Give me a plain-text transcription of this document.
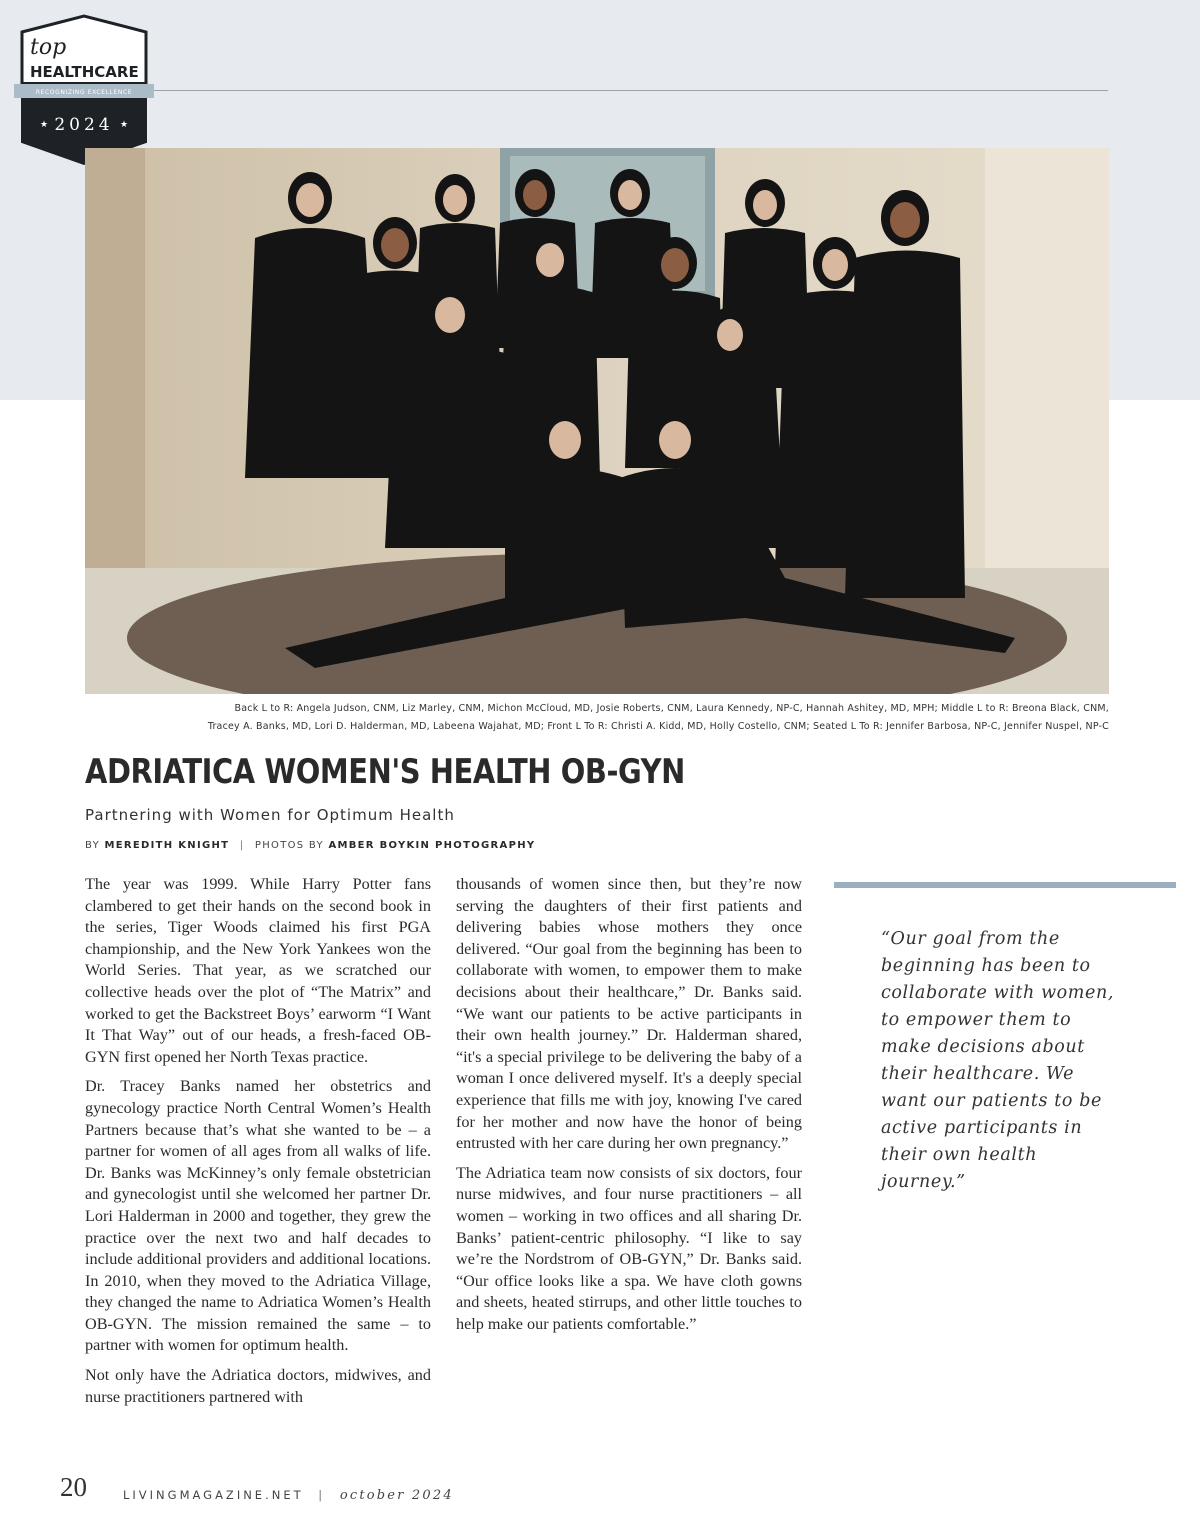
top
HEALTHCARE
RECOGNIZING EXCELLENCE
2024
★	★
Back L to R: Angela Judson, CNM, Liz Marley, CNM, Michon McCloud, MD, Josie Roberts, CNM, Laura Kennedy, NP-C, Hannah Ashitey, MD, MPH; Middle L to R: Breona Black, CNM,
Tracey A. Banks, MD, Lori D. Halderman, MD, Labeena Wajahat, MD; Front L To R: Christi A. Kidd, MD, Holly Costello, CNM; Seated L To R: Jennifer Barbosa, NP-C, Jennifer Nuspel, NP-C
ADRIATICA WOMEN'S HEALTH OB-GYN
Partnering with Women for Optimum Health
BY MEREDITH KNIGHT | PHOTOS BY AMBER BOYKIN PHOTOGRAPHY

The year was 1999. While Harry Potter fans clambered to get their hands on the second book in the series, Tiger Woods claimed his first PGA championship, and the New York Yankees won the World Series. That year, as we scratched our collective heads over the plot of “The Matrix” and worked to get the Backstreet Boys’ earworm “I Want It That Way” out of our heads, a fresh-faced OB-GYN first opened her North Texas practice.

Dr. Tracey Banks named her obstetrics and gynecology practice North Central Women’s Health Partners because that’s what she wanted to be – a partner for women of all ages from all walks of life. Dr. Banks was McKinney’s only female obstetrician and gynecologist until she welcomed her partner Dr. Lori Halderman in 2000 and together, they grew the practice over the next two and half decades to include additional providers and additional locations. In 2010, when they moved to the Adriatica Village, they changed the name to Adriatica Women’s Health OB-GYN. The mission remained the same – to partner with women for optimum health.

Not only have the Adriatica doctors, midwives, and nurse practitioners partnered with

thousands of women since then, but they’re now serving the daughters of their first patients and delivering babies whose mothers they once delivered. “Our goal from the beginning has been to collaborate with women, to empower them to make decisions about their healthcare,” Dr. Banks said. “We want our patients to be active participants in their own health journey.” Dr. Halderman shared, “it's a special privilege to be delivering the baby of a woman I once delivered myself. It's a deeply special experience that fills me with joy, knowing I've cared for her mother and now have the honor of being entrusted with her care during her own pregnancy.”

The Adriatica team now consists of six doctors, four nurse midwives, and four nurse practitioners – all women – working in two offices and all sharing Dr. Banks’ patient-centric philosophy. “I like to say we’re the Nordstrom of OB-GYN,” Dr. Banks said. “Our office looks like a spa. We have cloth gowns and sheets, heated stirrups, and other little touches to help make our patients comfortable.”

“Our goal from the beginning has been to collaborate with women, to empower them to make decisions about their healthcare. We want our patients to be active participants in their own health journey.”
20	LIVINGMAGAZINE.NET | october 2024
